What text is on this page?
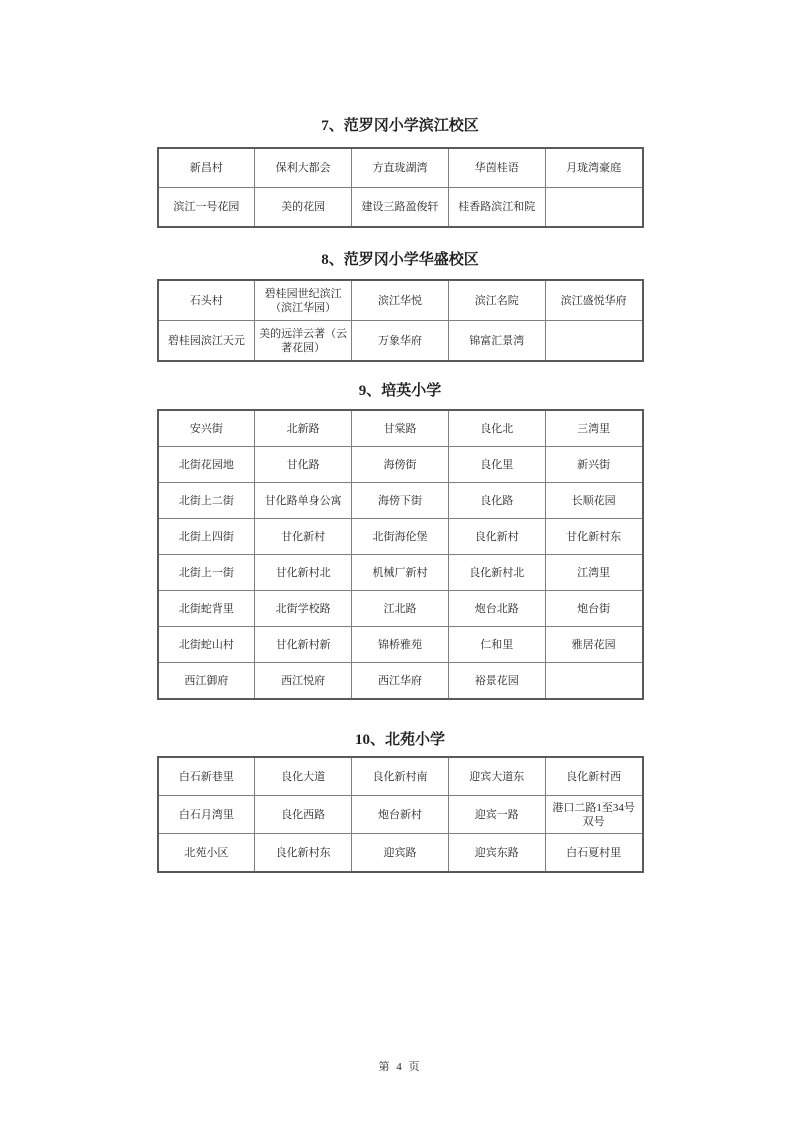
7、范罗冈小学滨江校区
新昌村	保利大都会	方直珑湖湾	华茵桂语	月珑湾豪庭
滨江一号花园	美的花园	建设三路盈俊轩	桂香路滨江和院	
8、范罗冈小学华盛校区
石头村	碧桂园世纪滨江（滨江华园）	滨江华悦	滨江名院	滨江盛悦华府
碧桂园滨江天元	美的远洋云著（云著花园）	万象华府	锦富汇景湾	
9、培英小学
安兴街	北新路	甘棠路	良化北	三湾里
北街花园地	甘化路	海傍街	良化里	新兴街
北街上二街	甘化路单身公寓	海傍下街	良化路	长顺花园
北街上四街	甘化新村	北街海伦堡	良化新村	甘化新村东
北街上一街	甘化新村北	机械厂新村	良化新村北	江湾里
北街蛇背里	北街学校路	江北路	炮台北路	炮台街
北街蛇山村	甘化新村新	锦桥雅苑	仁和里	雅居花园
西江御府	西江悦府	西江华府	裕景花园	
10、北苑小学
白石新巷里	良化大道	良化新村南	迎宾大道东	良化新村西
白石月湾里	良化西路	炮台新村	迎宾一路	港口二路1至34号双号
北苑小区	良化新村东	迎宾路	迎宾东路	白石夏村里
第 4 页
